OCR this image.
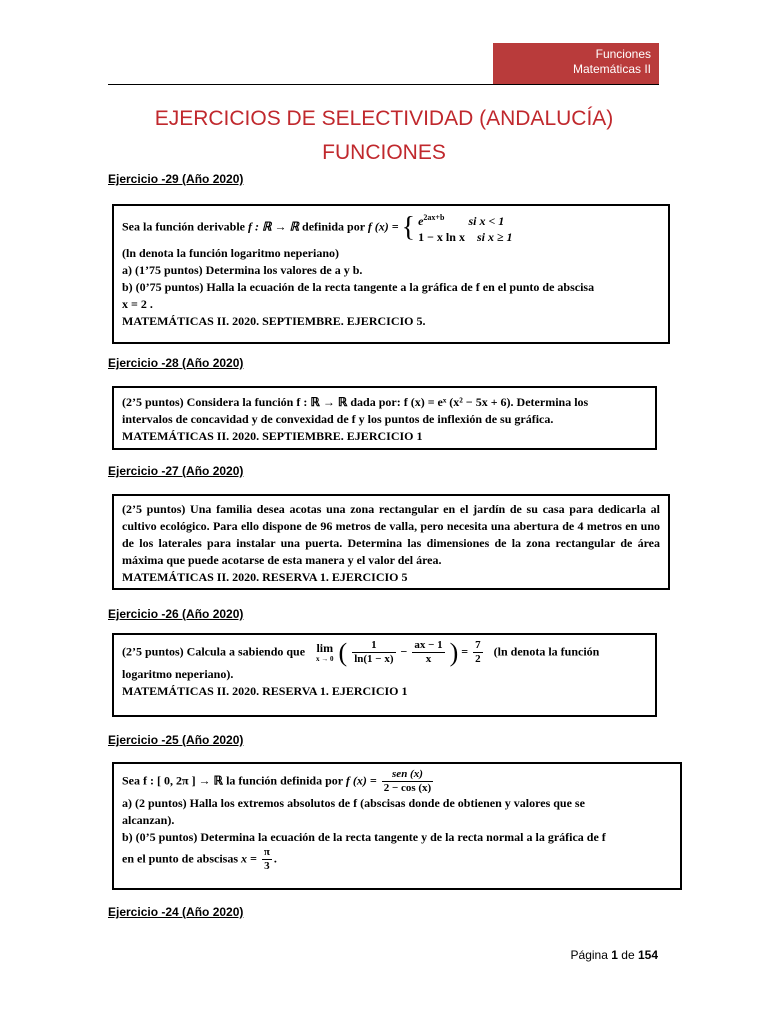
Funciones
Matemáticas II
EJERCICIOS DE SELECTIVIDAD (ANDALUCÍA)
FUNCIONES
Ejercicio -29 (Año 2020)
Sea la función derivable f : ℝ → ℝ definida por f (x) = { $e^{2ax+b}$ si x < 1
1 − x ln x si x ≥ 1
(ln denota la función logaritmo neperiano)
a) (1’75 puntos) Determina los valores de a y b.
b) (0’75 puntos) Halla la ecuación de la recta tangente a la gráfica de f en el punto de abscisa
x = 2 .
MATEMÁTICAS II. 2020. SEPTIEMBRE. EJERCICIO 5.
Ejercicio -28 (Año 2020)
(2’5 puntos) Considera la función f : ℝ → ℝ dada por: f (x) = eˣ (x² − 5x + 6). Determina los
intervalos de concavidad y de convexidad de f y los puntos de inflexión de su gráfica.
MATEMÁTICAS II. 2020. SEPTIEMBRE. EJERCICIO 1
Ejercicio -27 (Año 2020)
(2’5 puntos) Una familia desea acotas una zona rectangular en el jardín de su casa para dedicarla al cultivo ecológico. Para ello dispone de 96 metros de valla, pero necesita una abertura de 4 metros en uno de los laterales para instalar una puerta. Determina las dimensiones de la zona rectangular de área máxima que puede acotarse de esta manera y el valor del área.
MATEMÁTICAS II. 2020. RESERVA 1. EJERCICIO 5
Ejercicio -26 (Año 2020)
(2’5 puntos) Calcula a sabiendo que lim
x → 0 ( $\frac{1}{\ln(1 - x)} - \frac{ax - 1}{x}$ ) = $\frac{7}{2} (\ln$ denota la función
logaritmo neperiano).
MATEMÁTICAS II. 2020. RESERVA 1. EJERCICIO 1
Ejercicio -25 (Año 2020)
Sea f : [ 0, 2π ] → ℝ la función definida por f $(x) = \frac{\text{sen (x)}}{2 - \cos (x)}$
a) (2 puntos) Halla los extremos absolutos de f (abscisas donde de obtienen y valores que se
alcanzan).
b) (0’5 puntos) Determina la ecuación de la recta tangente y de la recta normal a la gráfica de f
en el punto de abscisas $x = \frac{\pi}{3}$ .
Ejercicio -24 (Año 2020)
Página 1 de 154
